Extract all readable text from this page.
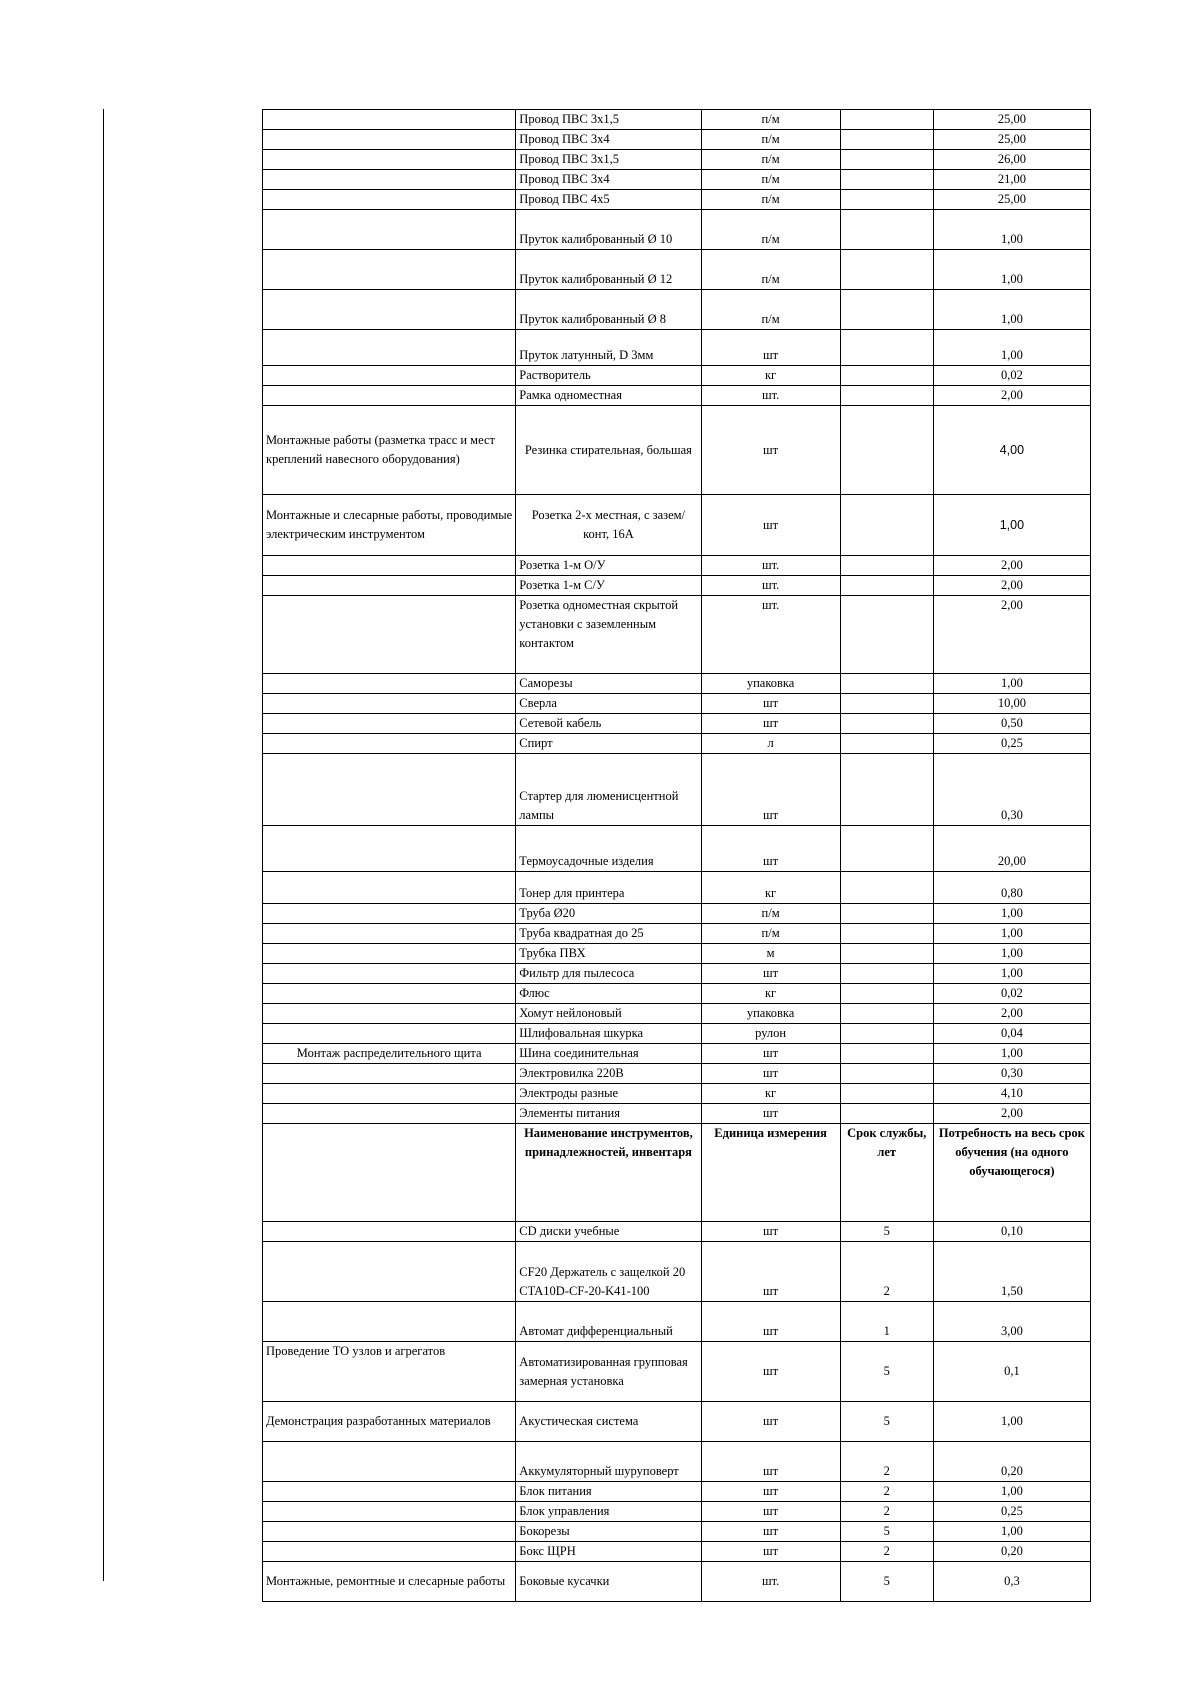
	Провод ПВС 3х1,5	п/м		25,00
	Провод ПВС 3х4	п/м		25,00
	Провод ПВС 3х1,5	п/м		26,00
	Провод ПВС 3х4	п/м		21,00
	Провод ПВС 4х5	п/м		25,00
	Пруток калиброванный Ø 10	п/м		1,00
	Пруток калиброванный Ø 12	п/м		1,00
	Пруток калиброванный Ø 8	п/м		1,00
	Пруток латунный, D 3мм	шт		1,00
	Растворитель	кг		0,02
	Рамка одноместная	шт.		2,00
Монтажные работы (разметка трасс и мест креплений навесного оборудования)	Резинка стирательная, большая	шт		4,00
Монтажные и слесарные работы, проводимые электрическим инструментом	Розетка 2-х местная, с зазем/конт, 16А	шт		1,00
	Розетка 1-м О/У	шт.		2,00
	Розетка 1-м С/У	шт.		2,00
	Розетка одноместная скрытой установки с заземленным контактом	шт.		2,00
	Саморезы	упаковка		1,00
	Сверла	шт		10,00
	Сетевой кабель	шт		0,50
	Спирт	л		0,25
	Стартер для люменисцентной лампы	шт		0,30
	Термоусадочные изделия	шт		20,00
	Тонер для принтера	кг		0,80
	Труба Ø20	п/м		1,00
	Труба квадратная до 25	п/м		1,00
	Трубка ПВХ	м		1,00
	Фильтр для пылесоса	шт		1,00
	Флюс	кг		0,02
	Хомут нейлоновый	упаковка		2,00
	Шлифовальная шкурка	рулон		0,04
Монтаж распределительного щита	Шина соединительная	шт		1,00
	Электровилка 220В	шт		0,30
	Электроды разные	кг		4,10
	Элементы питания	шт		2,00
	Наименование инструментов, принадлежностей, инвентаря	Единица измерения	Срок службы, лет	Потребность на весь срок обучения (на одного обучающегося)
	CD диски учебные	шт	5	0,10
	CF20 Держатель с защелкой 20 CTA10D-CF-20-K41-100	шт	2	1,50
	Автомат дифференциальный	шт	1	3,00
Проведение ТО узлов и агрегатов	Автоматизированная групповая замерная установка	шт	5	0,1
Демонстрация разработанных материалов	Акустическая система	шт	5	1,00
	Аккумуляторный шуруповерт	шт	2	0,20
	Блок питания	шт	2	1,00
	Блок управления	шт	2	0,25
	Бокорезы	шт	5	1,00
	Бокс ЩРН	шт	2	0,20
Монтажные, ремонтные и слесарные работы	Боковые кусачки	шт.	5	0,3
